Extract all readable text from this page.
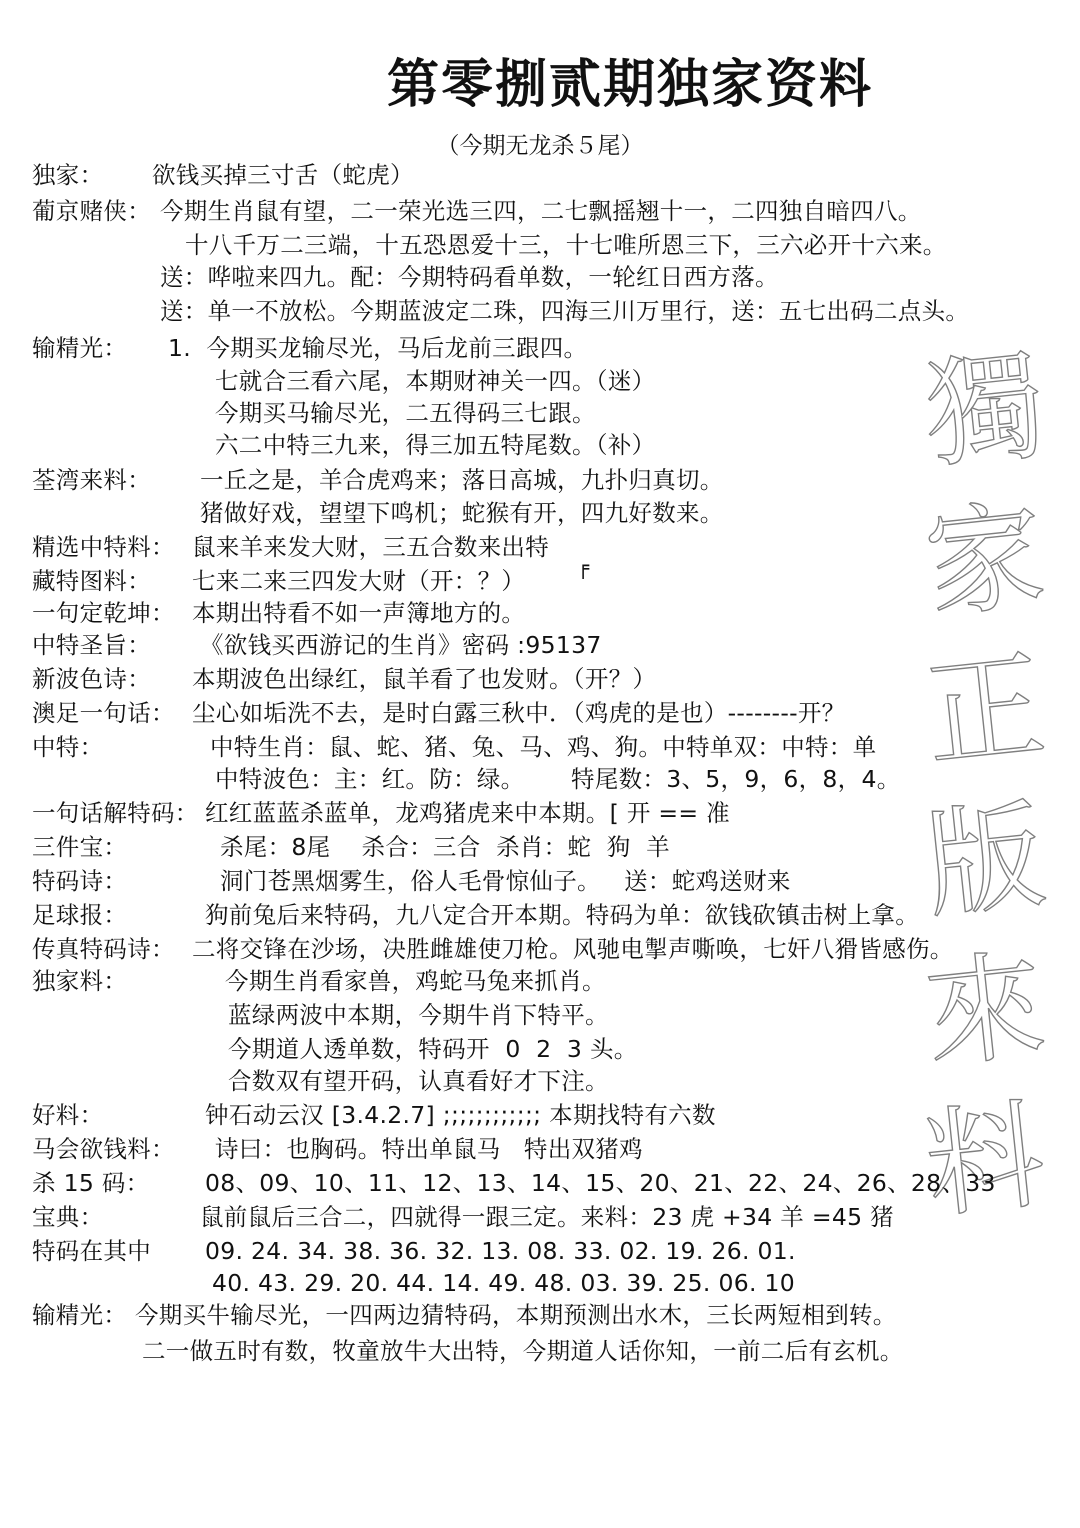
第零捌贰期独家资料
（今期无龙杀５尾）
獨
家
正
版
來
料
╒
独家： 欲钱买掉三寸舌（蛇虎）
葡京赌侠： 今期生肖鼠有望，二一荣光选三四，二七飘摇翘十一，二四独自暗四八。
十八千万二三端，十五恐恩爱十三，十七唯所恩三下，三六必开十六来。
送：哗啦来四九。配：今期特码看单数，一轮红日西方落。
送：单一不放松。今期蓝波定二珠，四海三川万里行，送：五七出码二点头。
输精光： 1.  今期买龙输尽光，马后龙前三跟四。
七就合三看六尾，本期财神关一四。（迷）
今期买马输尽光，二五得码三七跟。
六二中特三九来，得三加五特尾数。（补）
荃湾来料： 一丘之是，羊合虎鸡来；落日高城，九扑归真切。
猪做好戏，望望下鸣机；蛇猴有开，四九好数来。
精选中特料： 鼠来羊来发大财，三五合数来出特
藏特图料： 七来二来三四发大财（开：？）
一句定乾坤： 本期出特看不如一声簿地方的。
中特圣旨： 《欲钱买西游记的生肖》密码 :95137
新波色诗： 本期波色出绿红，鼠羊看了也发财。（开？）
澳足一句话： 尘心如垢洗不去，是时白露三秋中．（鸡虎的是也）--------开？
中特：	中特生肖：鼠、蛇、猪、兔、马、鸡、狗。中特单双：中特：单
中特波色：主：红。防：绿。      特尾数：3、5，9，6，8，4。
一句话解特码： 红红蓝蓝杀蓝单，龙鸡猪虎来中本期。[ 开 == 准
三件宝：	杀尾：8尾    杀合：三合  杀肖：蛇  狗  羊
特码诗：	洞门苍黑烟雾生，俗人毛骨惊仙子。   送：蛇鸡送财来
足球报：	狗前兔后来特码，九八定合开本期。特码为单：欲钱砍镇击树上拿。
传真特码诗： 二将交锋在沙场，决胜雌雄使刀枪。风驰电掣声嘶唤，七奸八猾皆感伤。
独家料：	今期生肖看家兽，鸡蛇马兔来抓肖。
蓝绿两波中本期，今期牛肖下特平。
今期道人透单数，特码开  0  2  3 头。
合数双有望开码，认真看好才下注。
好料：	钟石动云汉 [3.4.2.7] ;;;;;;;;;;;; 本期找特有六数
马会欲钱料： 诗曰：也胸码。特出单鼠马   特出双猪鸡
杀 15 码： 08、09、10、11、12、13、14、15、20、21、22、24、26、28、33
宝典：	鼠前鼠后三合二，四就得一跟三定。来料：23 虎 +34 羊 =45 猪
特码在其中 09. 24. 34. 38. 36. 32. 13. 08. 33. 02. 19. 26. 01.
40. 43. 29. 20. 44. 14. 49. 48. 03. 39. 25. 06. 10
输精光： 今期买牛输尽光，一四两边猜特码，本期预测出水木，三长两短相到转。
二一做五时有数，牧童放牛大出特，今期道人话你知，一前二后有玄机。
